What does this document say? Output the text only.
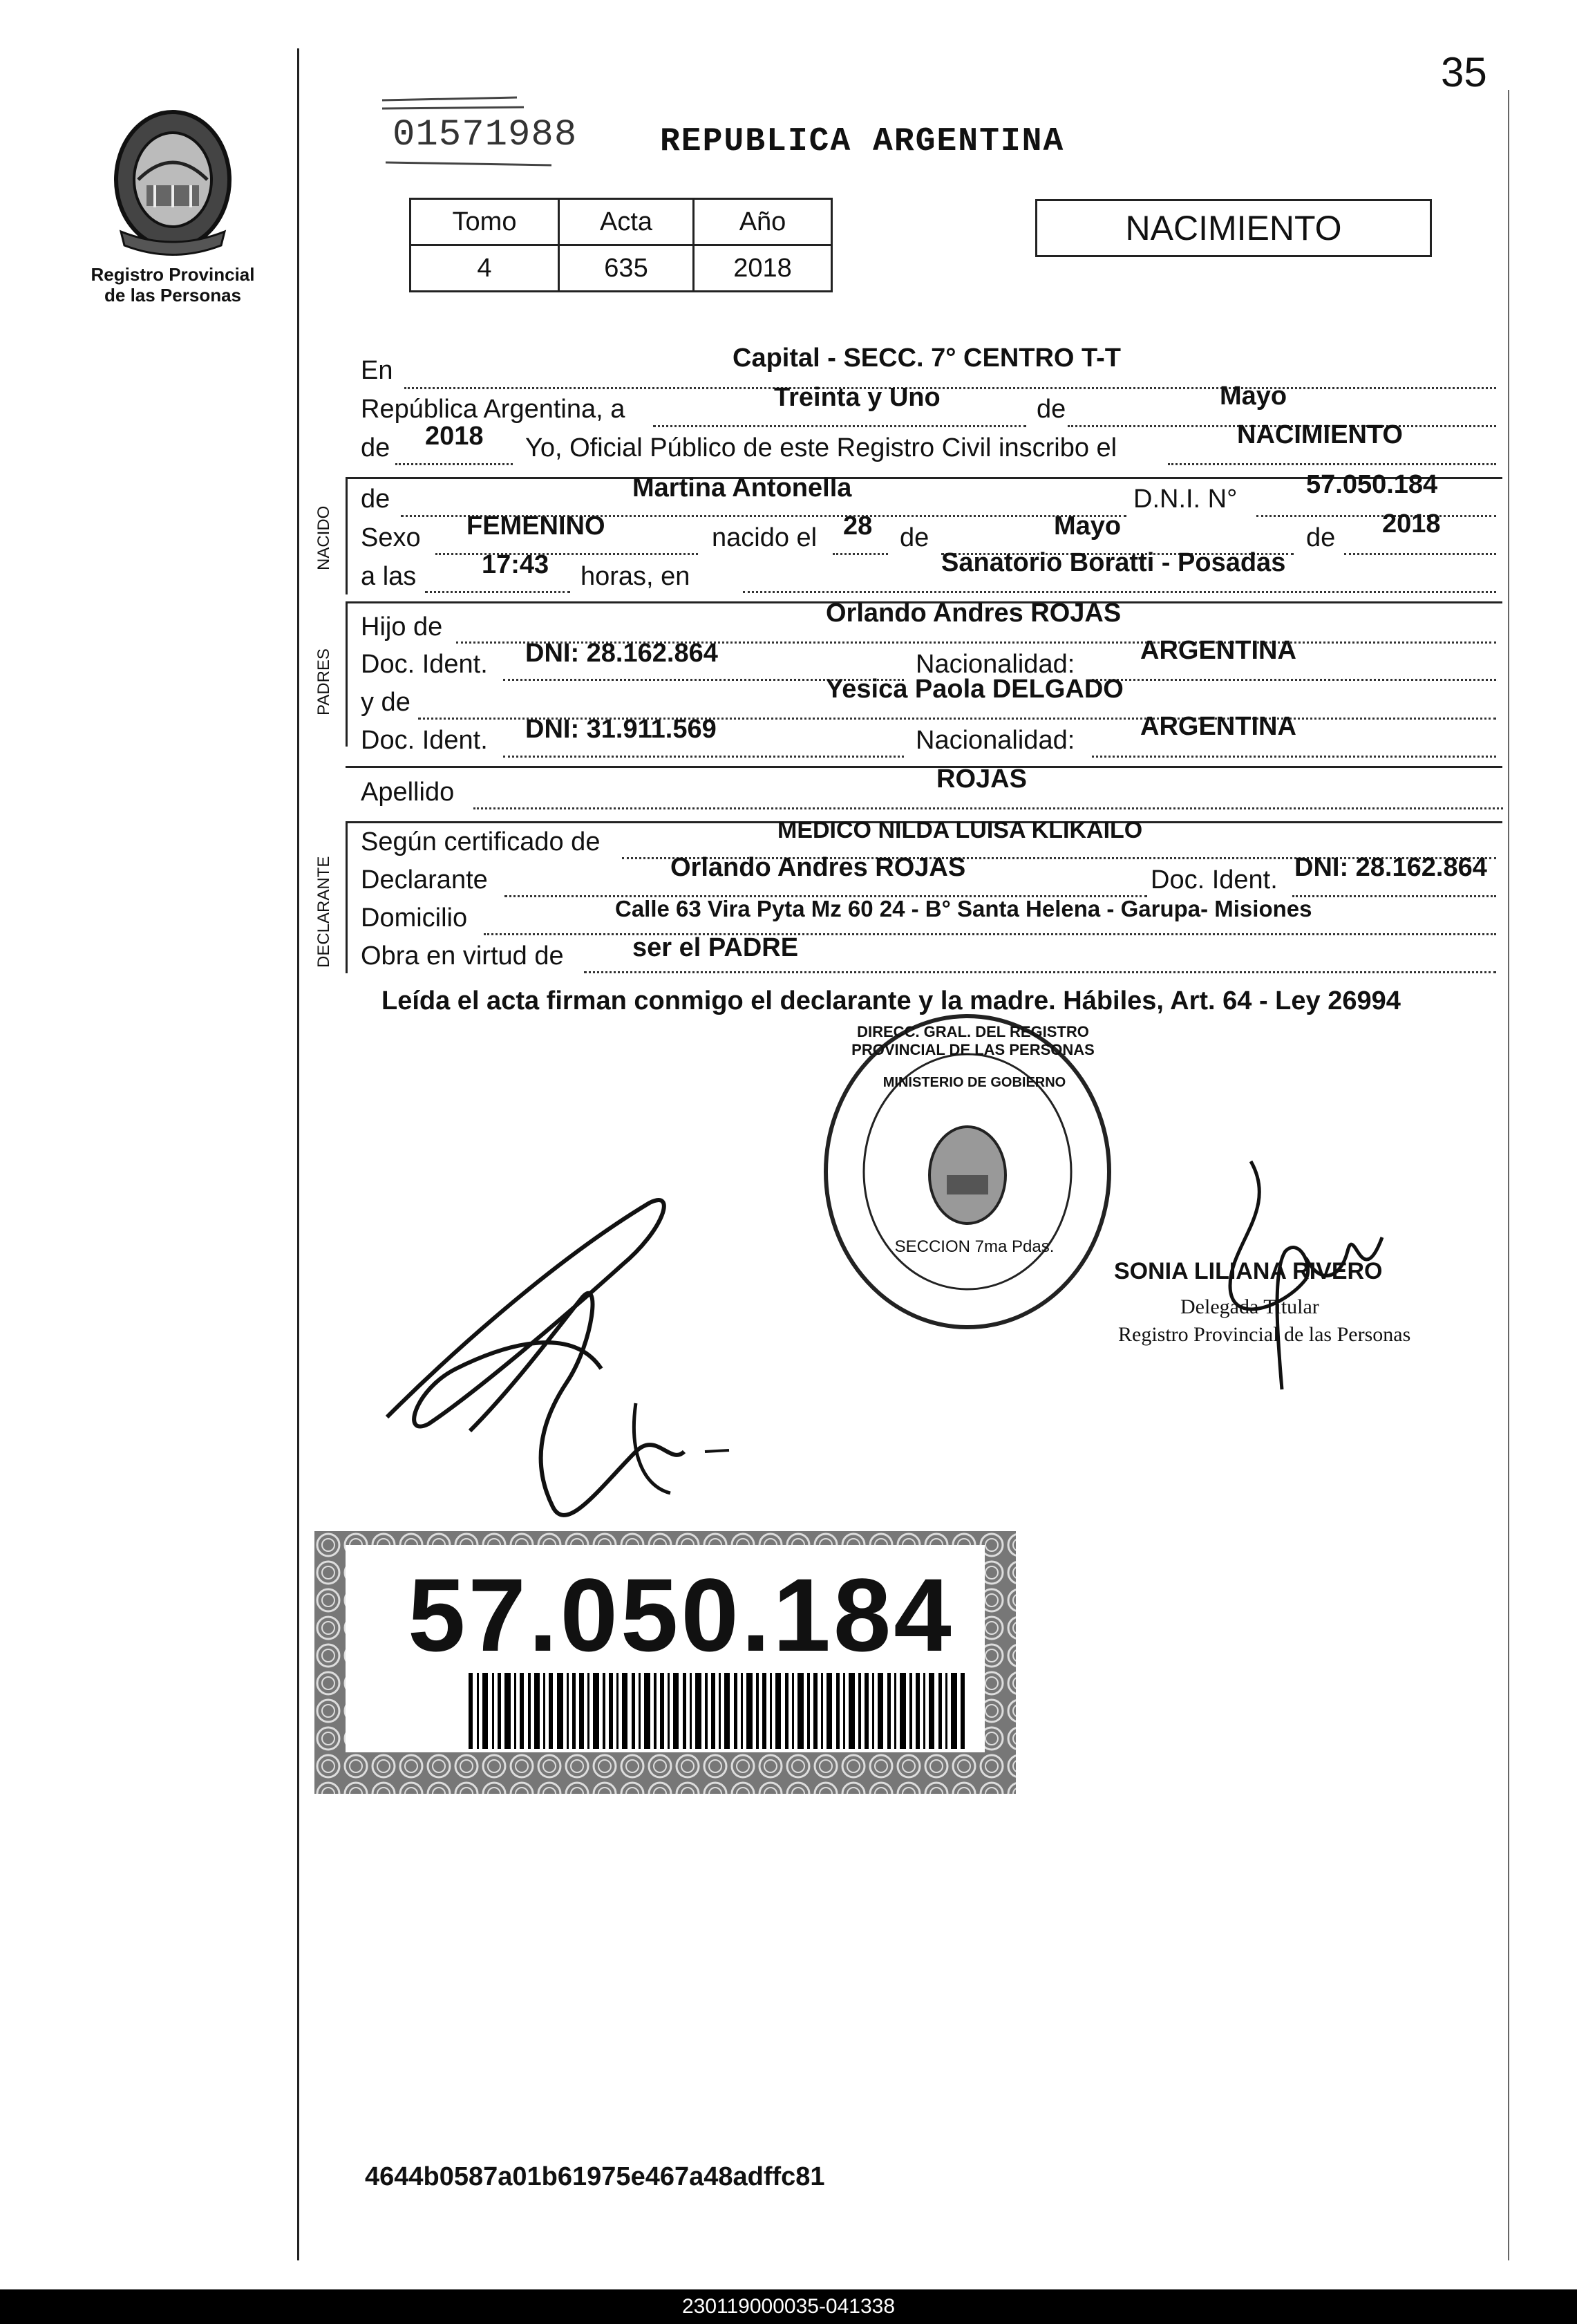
Registro Provincial
de las Personas
35
01571988 REPUBLICA ARGENTINA
Tomo	Acta	Año
4	635	2018
NACIMIENTO
En	Capital - SECC. 7° CENTRO T-T
República Argentina, a	Treinta y Uno	de	Mayo
de 2018 Yo, Oficial Público de este Registro Civil inscribo el	NACIMIENTO
NACIDO
de	Martina Antonella	D.N.I. N°	57.050.184
Sexo FEMENINO	nacido el 28 de	Mayo	de 2018
a las 17:43 horas, en	Sanatorio Boratti - Posadas
PADRES
Hijo de	Orlando Andres ROJAS
Doc. Ident. DNI: 28.162.864	Nacionalidad: ARGENTINA
y de	Yesica Paola DELGADO
Doc. Ident. DNI: 31.911.569	Nacionalidad: ARGENTINA
Apellido	ROJAS
DECLARANTE
Según certificado de	MEDICO NILDA LUISA KLIKAILO
Declarante	Orlando Andres ROJAS	Doc. Ident. DNI: 28.162.864
Domicilio	Calle 63 Vira Pyta Mz 60 24 - B° Santa Helena - Garupa- Misiones
Obra en virtud de	ser el PADRE
Leída el acta firman conmigo el declarante y la madre. Hábiles, Art. 64 - Ley 26994
DIRECC. GRAL. DEL REGISTRO PROVINCIAL DE LAS PERSONAS
MINISTERIO DE GOBIERNO
SECCION 7ma Pdas.
SONIA LILIANA RIVERO
Delegada Titular
Registro Provincial de las Personas
57.050.184
4644b0587a01b61975e467a48adffc81
230119000035-041338
